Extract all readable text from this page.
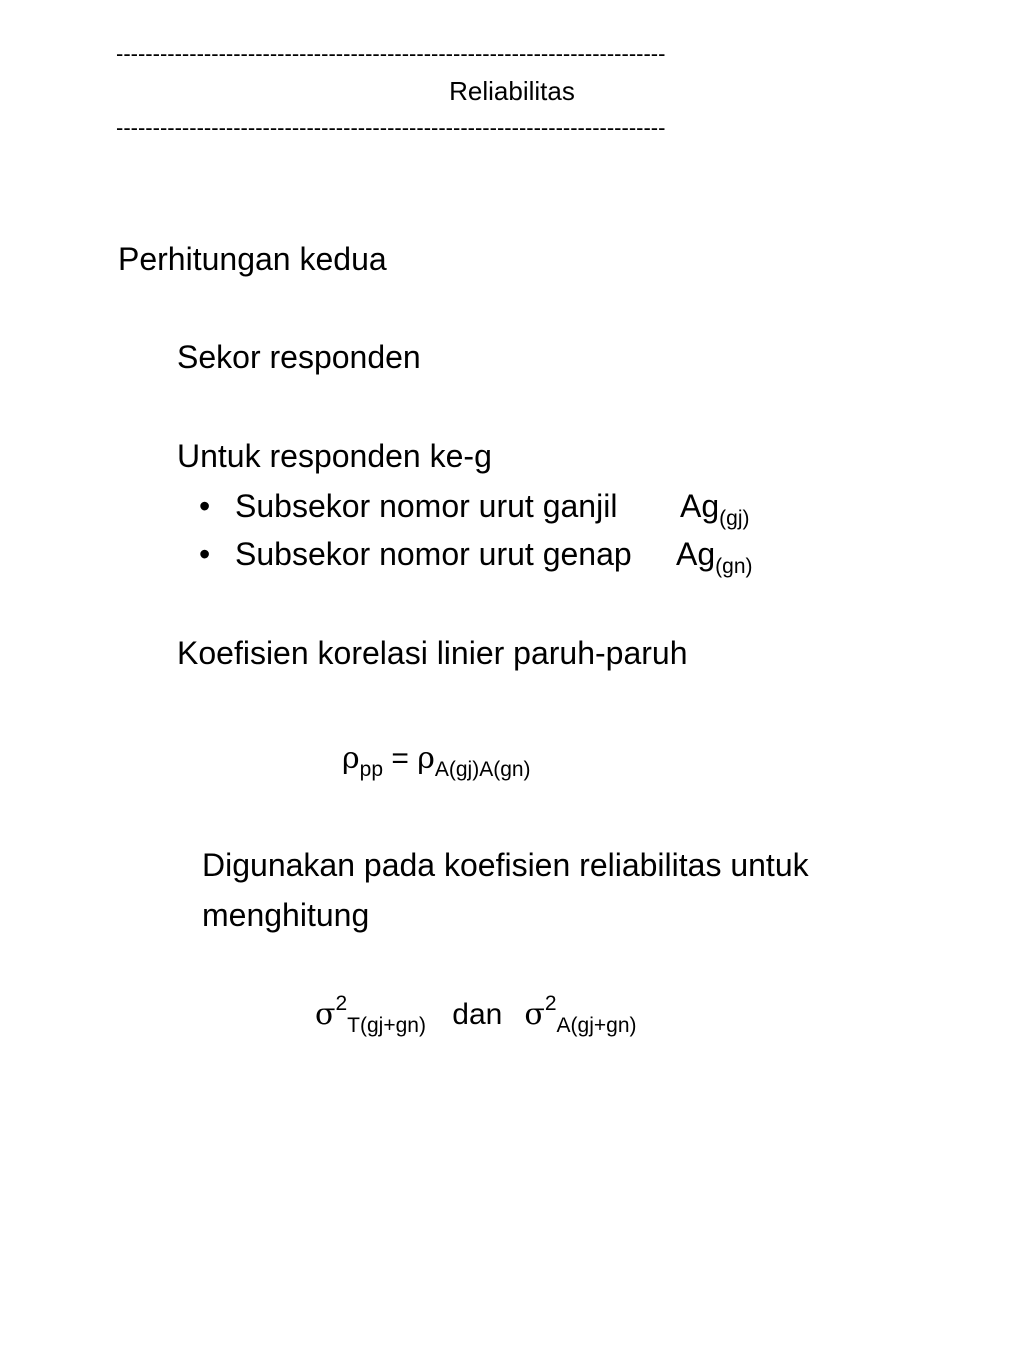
---------------------------------------------------------------------------
Reliabilitas
---------------------------------------------------------------------------
Perhitungan kedua
Sekor responden
Untuk responden ke-g
• Subsekor nomor urut ganjil $Ag_{(gj)}$
• Subsekor nomor urut genap $Ag_{(gn)}$
Koefisien korelasi linier paruh-paruh
$\rho_{pp} = \rho_{A(gj)A(gn)}$
Digunakan pada koefisien reliabilitas untuk
menghitung
$\sigma^2_{T(gj+gn)}$ dan $\sigma^2_{A(gj+gn)}$
